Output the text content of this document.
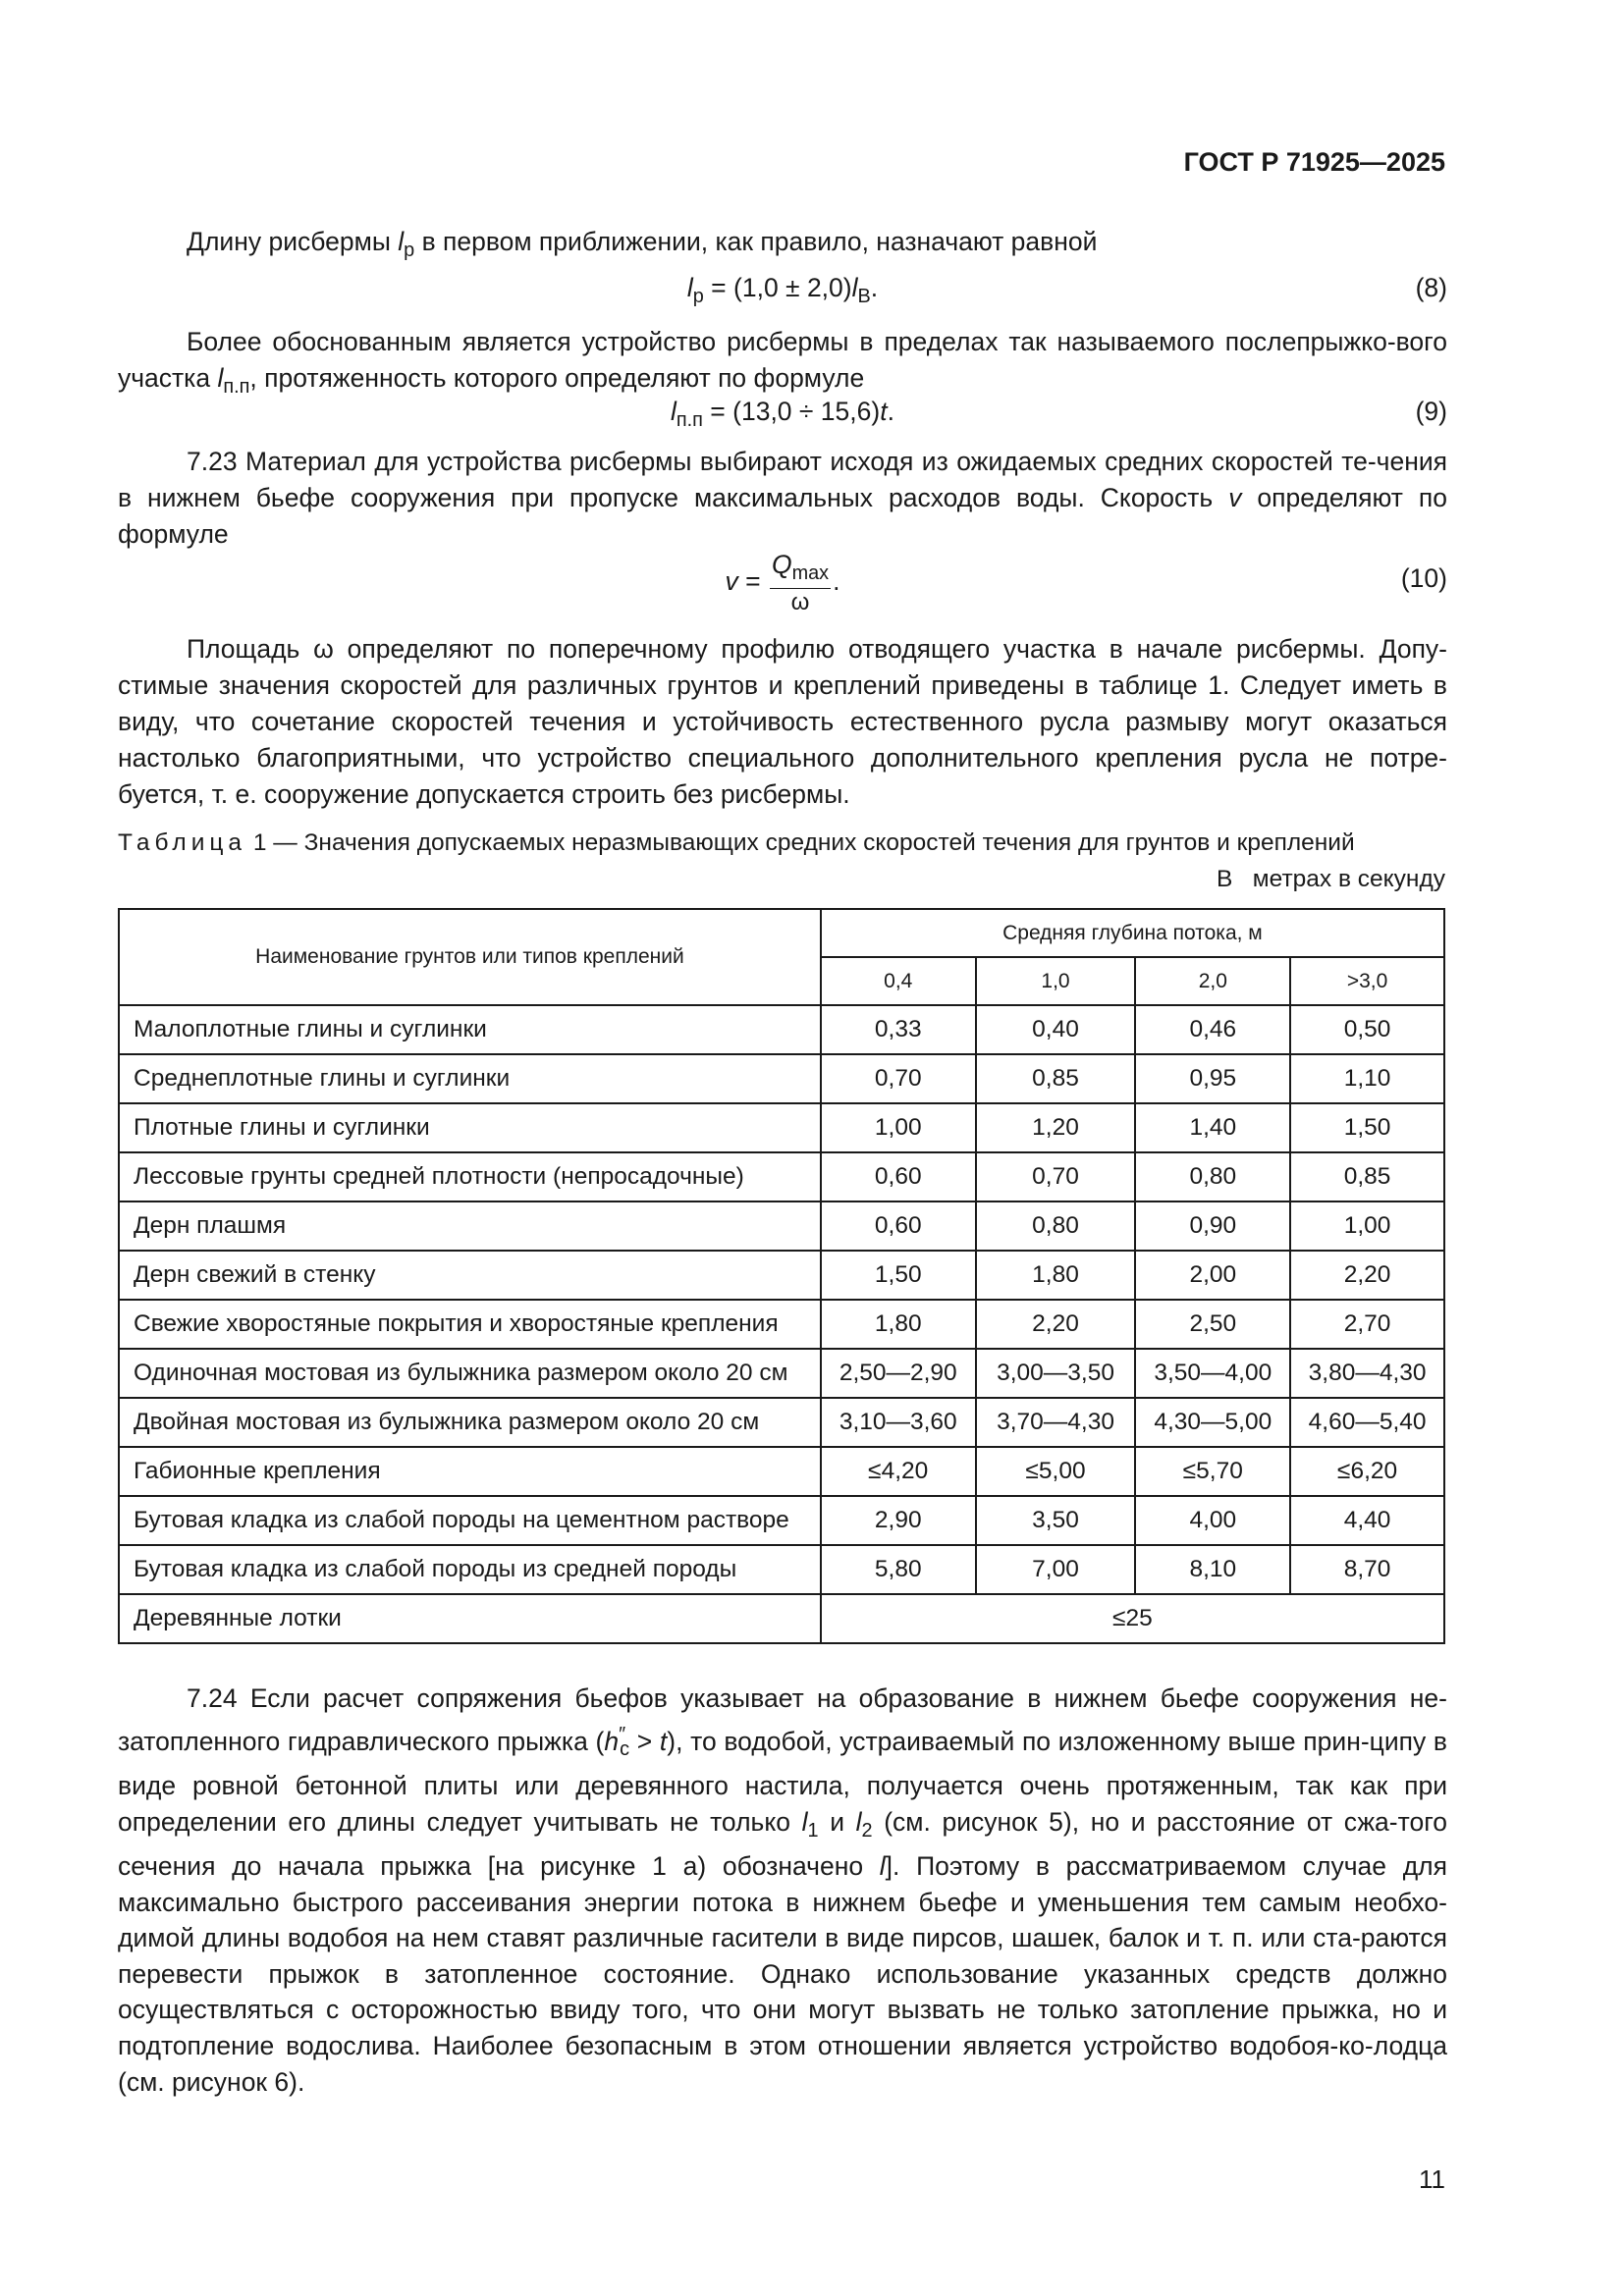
ГОСТ Р 71925—2025
Длину рисбермы $l_р$ в первом приближении, как правило, назначают равной
$l_р = (1,0 \pm 2,0)l_В$.	(8)
Более обоснованным является устройство рисбермы в пределах так называемого послепрыжко-вого участка $l_{п.п}$, протяженность которого определяют по формуле
$l_{п.п} = (13,0 \div 15,6)t$.	(9)
7.23 Материал для устройства рисбермы выбирают исходя из ожидаемых средних скоростей те-чения в нижнем бьефе сооружения при пропуске максимальных расходов воды. Скорость v определяют по формуле
$v = \frac{Q_{max}}{\omega}$ .	(10)
Площадь ω определяют по поперечному профилю отводящего участка в начале рисбермы. Допу-стимые значения скоростей для различных грунтов и креплений приведены в таблице 1. Следует иметь в виду, что сочетание скоростей течения и устойчивость естественного русла размыву могут оказаться настолько благоприятными, что устройство специального дополнительного крепления русла не потре-буется, т. е. сооружение допускается строить без рисбермы.
Таблица 1 — Значения допускаемых неразмывающих средних скоростей течения для грунтов и креплений
В   метрах в секунду
Наименование грунтов или типов креплений	Средняя глубина потока, м			
	0,4	1,0	2,0	>3,0
Малоплотные глины и суглинки	0,33	0,40	0,46	0,50
Среднеплотные глины и суглинки	0,70	0,85	0,95	1,10
Плотные глины и суглинки	1,00	1,20	1,40	1,50
Лессовые грунты средней плотности (непросадочные)	0,60	0,70	0,80	0,85
Дерн плашмя	0,60	0,80	0,90	1,00
Дерн свежий в стенку	1,50	1,80	2,00	2,20
Свежие хворостяные покрытия и хворостяные крепления	1,80	2,20	2,50	2,70
Одиночная мостовая из булыжника размером около 20 см	2,50—2,90	3,00—3,50	3,50—4,00	3,80—4,30
Двойная мостовая из булыжника размером около 20 см	3,10—3,60	3,70—4,30	4,30—5,00	4,60—5,40
Габионные крепления	≤4,20	≤5,00	≤5,70	≤6,20
Бутовая кладка из слабой породы на цементном растворе	2,90	3,50	4,00	4,40
Бутовая кладка из слабой породы из средней породы	5,80	7,00	8,10	8,70
Деревянные лотки	≤25			
7.24 Если расчет сопряжения бьефов указывает на образование в нижнем бьефе сооружения не-затопленного гидравлического прыжка $(h''_c > t)$, то водобой, устраиваемый по изложенному выше прин-ципу в виде ровной бетонной плиты или деревянного настила, получается очень протяженным, так как при определении его длины следует учитывать не только $l_1$ и $l_2$ (см. рисунок 5), но и расстояние от сжа-того сечения до начала прыжка [на рисунке 1 а) обозначено l]. Поэтому в рассматриваемом случае для максимально быстрого рассеивания энергии потока в нижнем бьефе и уменьшения тем самым необхо-димой длины водобоя на нем ставят различные гасители в виде пирсов, шашек, балок и т. п. или ста-раются перевести прыжок в затопленное состояние. Однако использование указанных средств должно осуществляться с осторожностью ввиду того, что они могут вызвать не только затопление прыжка, но и подтопление водослива. Наиболее безопасным в этом отношении является устройство водобоя-ко-лодца (см. рисунок 6).
11
